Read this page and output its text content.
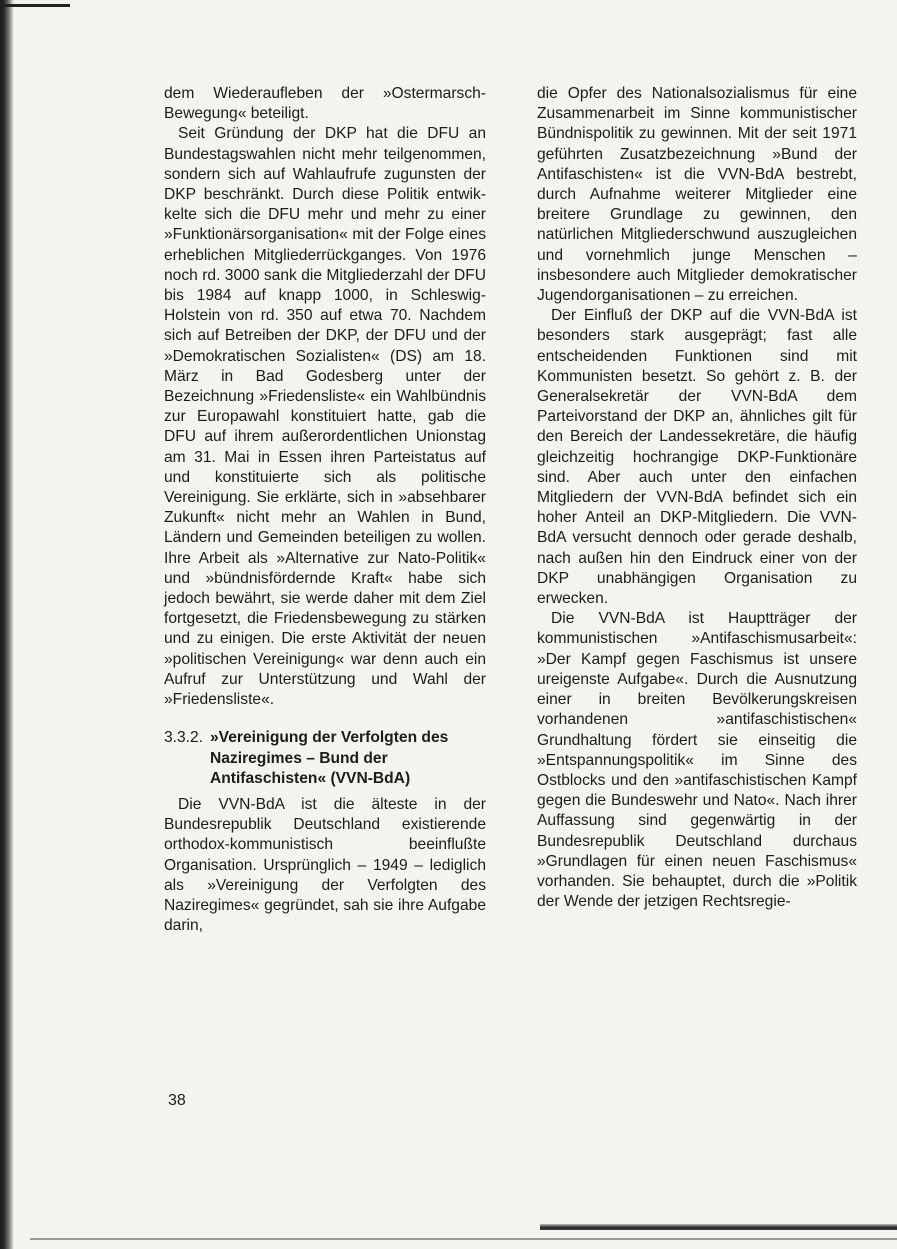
dem Wiederaufleben der »Ostermarsch-Bewegung« beteiligt.

Seit Gründung der DKP hat die DFU an Bundestagswahlen nicht mehr teilgenommen, sondern sich auf Wahlaufrufe zugunsten der DKP beschränkt. Durch diese Politik entwikkelte sich die DFU mehr und mehr zu einer »Funktionärsorganisation« mit der Folge eines erheblichen Mitgliederrückganges. Von 1976 noch rd. 3000 sank die Mitgliederzahl der DFU bis 1984 auf knapp 1000, in Schleswig-Holstein von rd. 350 auf etwa 70. Nachdem sich auf Betreiben der DKP, der DFU und der »Demokratischen Sozialisten« (DS) am 18. März in Bad Godesberg unter der Bezeichnung »Friedensliste« ein Wahlbündnis zur Europawahl konstituiert hatte, gab die DFU auf ihrem außerordentlichen Unionstag am 31. Mai in Essen ihren Parteistatus auf und konstituierte sich als politische Vereinigung. Sie erklärte, sich in »absehbarer Zukunft« nicht mehr an Wahlen in Bund, Ländern und Gemeinden beteiligen zu wollen. Ihre Arbeit als »Alternative zur Nato-Politik« und »bündnisfördernde Kraft« habe sich jedoch bewährt, sie werde daher mit dem Ziel fortgesetzt, die Friedensbewegung zu stärken und zu einigen. Die erste Aktivität der neuen »politischen Vereinigung« war denn auch ein Aufruf zur Unterstützung und Wahl der »Friedensliste«.

3.3.2. »Vereinigung der Verfolgten des Naziregimes – Bund der Antifaschisten« (VVN-BdA)

Die VVN-BdA ist die älteste in der Bundesrepublik Deutschland existierende orthodox-kommunistisch beeinflußte Organisation. Ursprünglich – 1949 – lediglich als »Vereinigung der Verfolgten des Naziregimes« gegründet, sah sie ihre Aufgabe darin,

die Opfer des Nationalsozialismus für eine Zusammenarbeit im Sinne kommunistischer Bündnispolitik zu gewinnen. Mit der seit 1971 geführten Zusatzbezeichnung »Bund der Antifaschisten« ist die VVN-BdA bestrebt, durch Aufnahme weiterer Mitglieder eine breitere Grundlage zu gewinnen, den natürlichen Mitgliederschwund auszugleichen und vornehmlich junge Menschen – insbesondere auch Mitglieder demokratischer Jugendorganisationen – zu erreichen.

Der Einfluß der DKP auf die VVN-BdA ist besonders stark ausgeprägt; fast alle entscheidenden Funktionen sind mit Kommunisten besetzt. So gehört z. B. der Generalsekretär der VVN-BdA dem Parteivorstand der DKP an, ähnliches gilt für den Bereich der Landessekretäre, die häufig gleichzeitig hochrangige DKP-Funktionäre sind. Aber auch unter den einfachen Mitgliedern der VVN-BdA befindet sich ein hoher Anteil an DKP-Mitgliedern. Die VVN-BdA versucht dennoch oder gerade deshalb, nach außen hin den Eindruck einer von der DKP unabhängigen Organisation zu erwecken.

Die VVN-BdA ist Hauptträger der kommunistischen »Antifaschismusarbeit«: »Der Kampf gegen Faschismus ist unsere ureigenste Aufgabe«. Durch die Ausnutzung einer in breiten Bevölkerungskreisen vorhandenen »antifaschistischen« Grundhaltung fördert sie einseitig die »Entspannungspolitik« im Sinne des Ostblocks und den »antifaschistischen Kampf gegen die Bundeswehr und Nato«. Nach ihrer Auffassung sind gegenwärtig in der Bundesrepublik Deutschland durchaus »Grundlagen für einen neuen Faschismus« vorhanden. Sie behauptet, durch die »Politik der Wende der jetzigen Rechtsregie-

38
